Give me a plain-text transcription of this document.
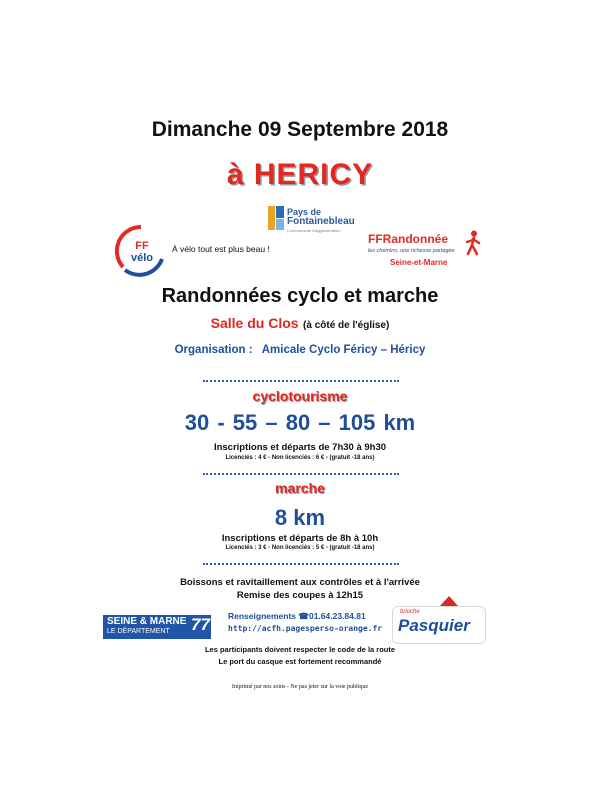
Dimanche 09 Septembre 2018
à HERICY
Pays de
Fontainebleau
Communauté d'agglomération
FF
vélo
À vélo tout est plus beau !
FFRandonnée
les chemins, une richesse partagée
Seine-et-Marne
Randonnées cyclo et marche
Salle du Clos (à côté de l'église)
Organisation :   Amicale Cyclo Féricy – Héricy
cyclotourisme
30 - 55 – 80 – 105 km
Inscriptions et départs de 7h30 à 9h30
Licenciés : 4 € - Non licenciés : 6 € - (gratuit -18 ans)
marche
8 km
Inscriptions et départs de 8h à 10h
Licenciés : 3 € - Non licenciés : 5 € - (gratuit -18 ans)
Boissons et ravitaillement aux contrôles et à l'arrivée
Remise des coupes à 12h15
SEINE & MARNE
LE DÉPARTEMENT 77 Renseignements ☎01.64.23.84.81
http://acfh.pagesperso-orange.fr
brioche
Pasquier
Les participants doivent respecter le code de la route
Le port du casque est fortement recommandé
Imprimé par nos soins - Ne pas jeter sur la voie publique
